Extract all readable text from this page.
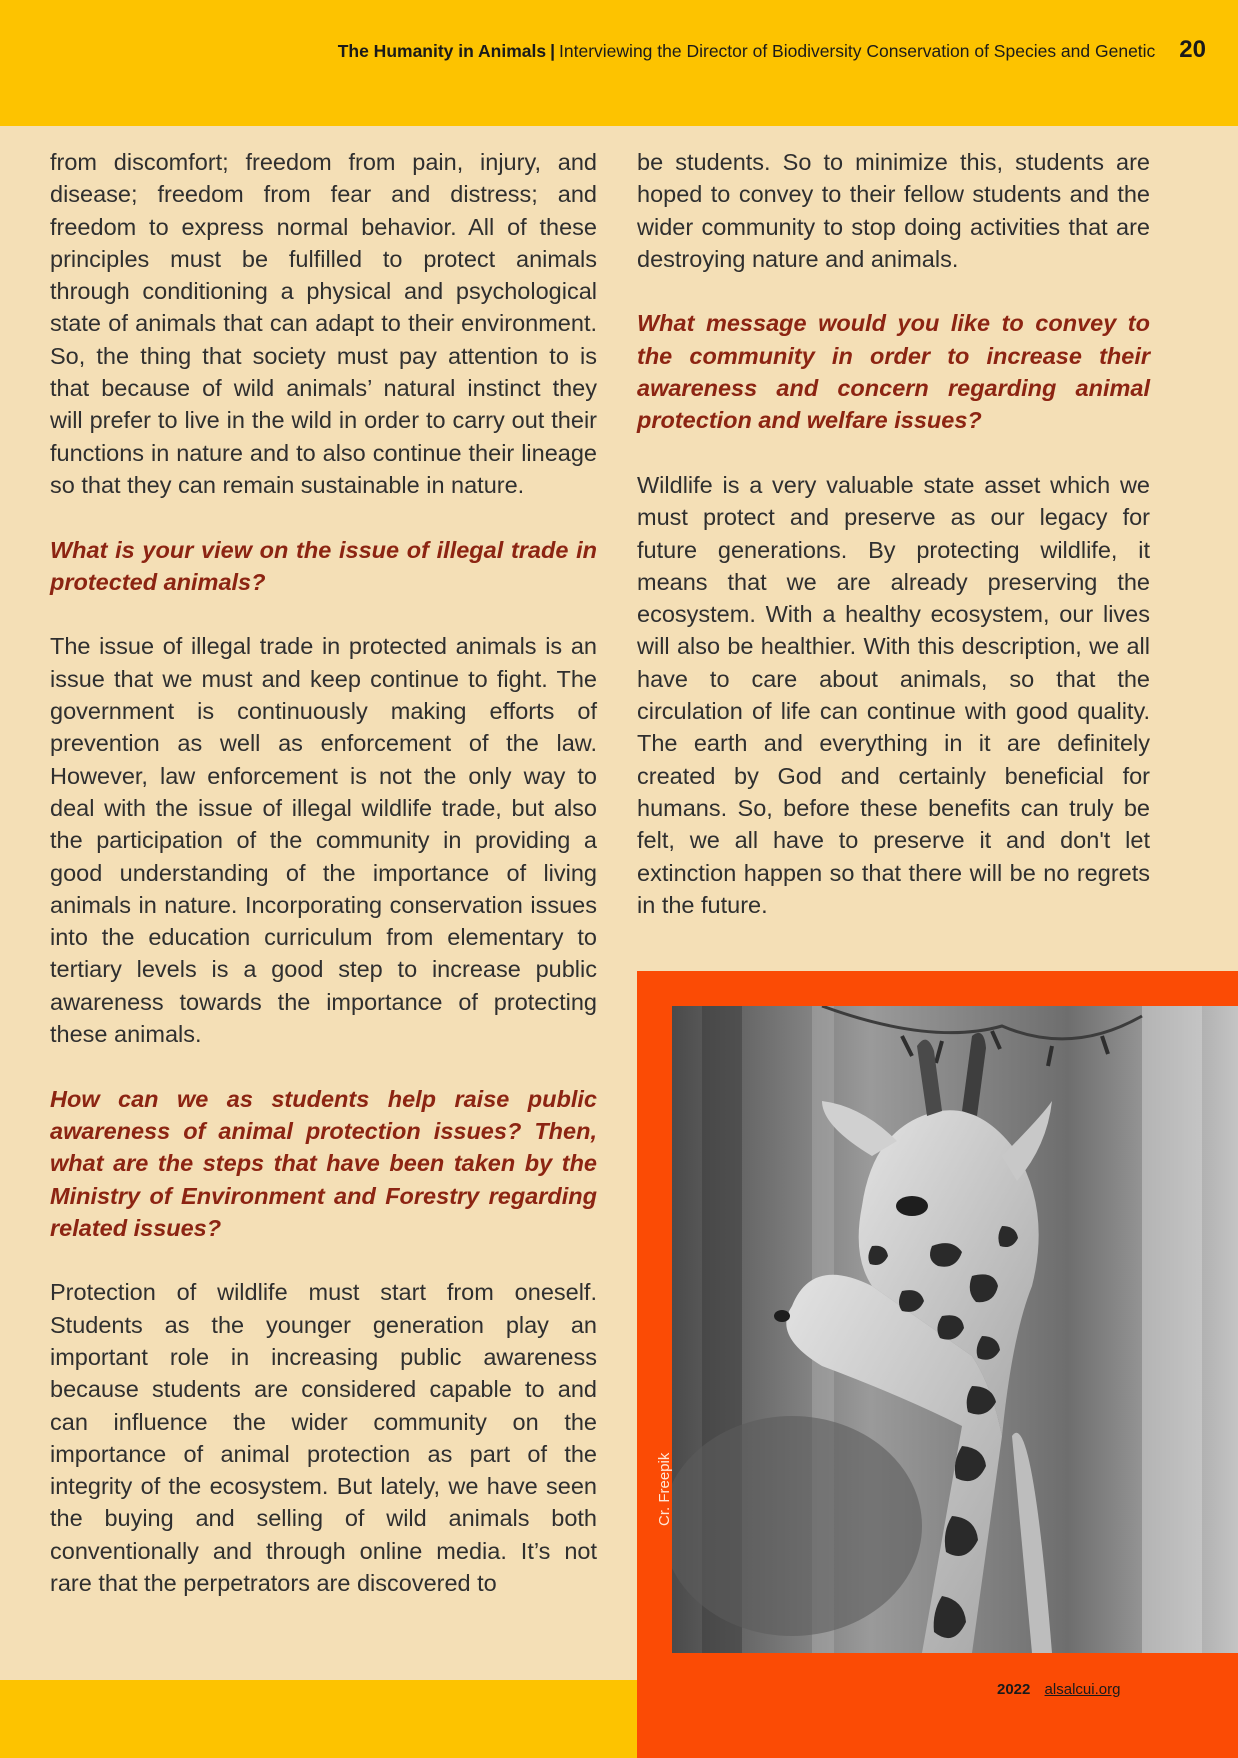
The Humanity in Animals | Interviewing the Director of Biodiversity Conservation of Species and Genetic 20

from discomfort; freedom from pain, injury, and disease; freedom from fear and distress; and freedom to express normal behavior. All of these principles must be fulfilled to protect animals through conditioning a physical and psychological state of animals that can adapt to their environment. So, the thing that society must pay attention to is that because of wild animals’ natural instinct they will prefer to live in the wild in order to carry out their functions in nature and to also continue their lineage so that they can remain sustainable in nature.

What is your view on the issue of illegal trade in protected animals?

The issue of illegal trade in protected animals is an issue that we must and keep continue to fight. The government is continuously making efforts of prevention as well as enforcement of the law. However, law enforcement is not the only way to deal with the issue of illegal wildlife trade, but also the participation of the community in providing a good understanding of the importance of living animals in nature. Incorporating conservation issues into the education curriculum from elementary to tertiary levels is a good step to increase public awareness towards the importance of protecting these animals.

How can we as students help raise public awareness of animal protection issues? Then, what are the steps that have been taken by the Ministry of Environment and Forestry regarding related issues?

Protection of wildlife must start from oneself. Students as the younger generation play an important role in increasing public awareness because students are considered capable to and can influence the wider community on the importance of animal protection as part of the integrity of the ecosystem. But lately, we have seen the buying and selling of wild animals both conventionally and through online media. It’s not rare that the perpetrators are discovered to

be students. So to minimize this, students are hoped to convey to their fellow students and the wider community to stop doing activities that are destroying nature and animals.

What message would you like to convey to the community in order to increase their awareness and concern regarding animal protection and welfare issues?

Wildlife is a very valuable state asset which we must protect and preserve as our legacy for future generations. By protecting wildlife, it means that we are already preserving the ecosystem. With a healthy ecosystem, our lives will also be healthier. With this description, we all have to care about animals, so that the circulation of life can continue with good quality. The earth and everything in it are definitely created by God and certainly beneficial for humans. So, before these benefits can truly be felt, we all have to preserve it and don't let extinction happen so that there will be no regrets in the future.

Cr. Freepik
2022 alsalcui.org
